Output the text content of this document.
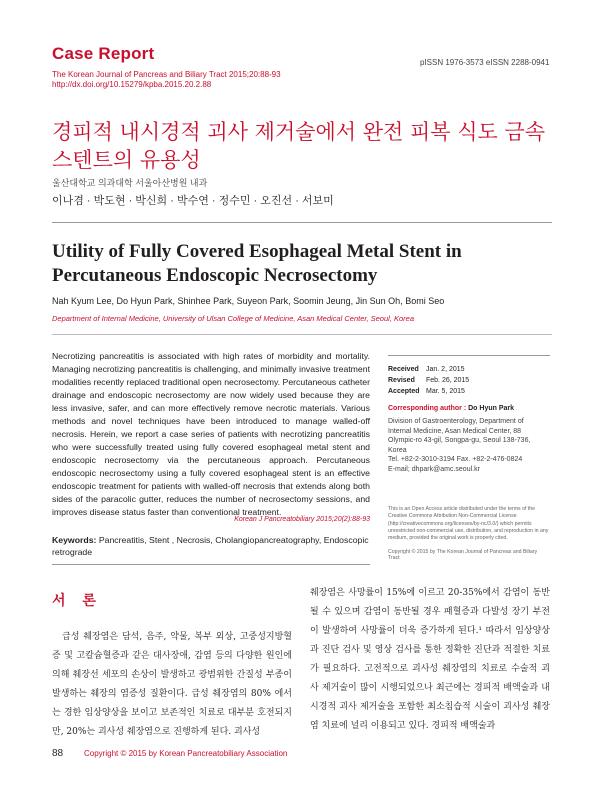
Case Report
The Korean Journal of Pancreas and Biliary Tract 2015;20:88-93
http://dx.doi.org/10.15279/kpba.2015.20.2.88
pISSN 1976-3573 eISSN 2288-0941
경피적 내시경적 괴사 제거술에서 완전 피복 식도 금속 스텐트의 유용성
울산대학교 의과대학 서울아산병원 내과
이나겸 · 박도현 · 박신희 · 박수연 · 정수민 · 오진선 · 서보미
Utility of Fully Covered Esophageal Metal Stent in Percutaneous Endoscopic Necrosectomy
Nah Kyum Lee, Do Hyun Park, Shinhee Park, Suyeon Park, Soomin Jeung, Jin Sun Oh, Bomi Seo
Department of Internal Medicine, University of Ulsan College of Medicine, Asan Medical Center, Seoul, Korea
Necrotizing pancreatitis is associated with high rates of morbidity and mortality. Managing necrotizing pancreatitis is challenging, and minimally invasive treatment modalities recently replaced traditional open necrosectomy. Percutaneous catheter drainage and endoscopic necrosectomy are now widely used because they are less invasive, safer, and can more effectively remove necrotic materials. Various methods and novel techniques have been introduced to manage walled-off necrosis. Herein, we report a case series of patients with necrotizing pancreatitis who were successfully treated using fully covered esophageal metal stent and endoscopic necrosectomy via the percutaneous approach. Percutaneous endoscopic necrosectomy using a fully covered esophageal stent is an effective endoscopic treatment for patients with walled-off necrosis that extends along both sides of the paracolic gutter, reduces the number of necrosectomy sessions, and improves disease status faster than conventional treatment.
Korean J Pancreatobiliary 2015;20(2):88-93
Keywords: Pancreatitis, Stent , Necrosis, Cholangiopancreatography, Endoscopic retrograde
Received	Jan. 2, 2015
Revised	Feb. 26, 2015
Accepted Mar. 5, 2015
Corresponding author : Do Hyun Park
Division of Gastroenterology, Department of
Internal Medicine, Asan Medical Center, 88
Olympic-ro 43-gil, Songpa-gu, Seoul 138-736,
Korea
Tel. +82-2-3010-3194 Fax. +82-2-476-0824
E-mail; dhpark@amc.seoul.kr
This is an Open Access article distributed under the terms of the Creative Commons Attribution Non-Commercial License (http://creativecommons.org/licenses/by-nc/3.0/) which permits unrestricted non-commercial use, distribution, and reproduction in any medium, provided the original work is properly cited.
Copyright © 2015 by The Korean Journal of Pancreas and Biliary Tract
서 론

급성 췌장염은 담석, 음주, 약물, 복부 외상, 고중성지방혈증 및 고칼슘혈증과 같은 대사장애, 감염 등의 다양한 원인에 의해 췌장선 세포의 손상이 발생하고 광범위한 간질성 부종이 발생하는 췌장의 염증성 질환이다. 급성 췌장염의 80% 에서는 경한 임상양상을 보이고 보존적인 치료로 대부분 호전되지만, 20%는 괴사성 췌장염으로 진행하게 된다. 괴사성

췌장염은 사망률이 15%에 이르고 20-35%에서 감염이 동반될 수 있으며 감염이 동반될 경우 패혈증과 다발성 장기 부전이 발생하여 사망률이 더욱 증가하게 된다.¹ 따라서 임상양상과 진단 검사 및 영상 검사를 통한 정확한 진단과 적절한 치료가 필요하다. 고전적으로 괴사성 췌장염의 치료로 수술적 괴사 제거술이 많이 시행되었으나 최근에는 경피적 배액술과 내시경적 괴사 제거술을 포함한 최소침습적 시술이 괴사성 췌장염 치료에 널리 이용되고 있다. 경피적 배액술과

88	Copyright © 2015 by Korean Pancreatobiliary Association
